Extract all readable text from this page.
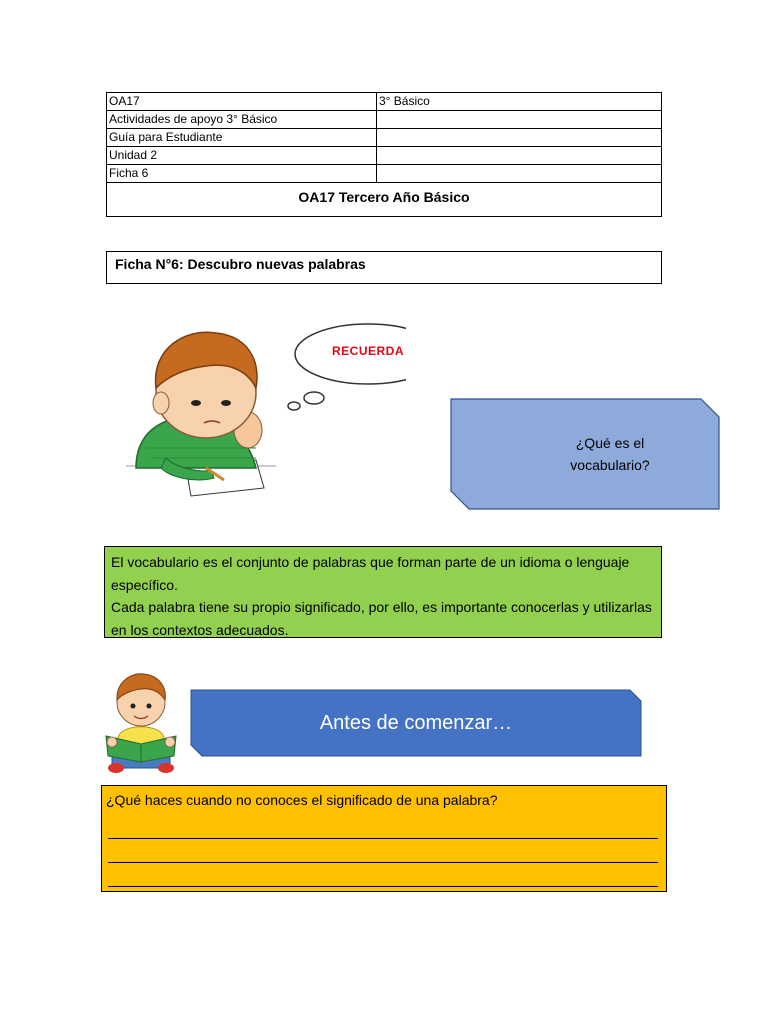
OA17	3° Básico
Actividades de apoyo 3° Básico	
Guía para Estudiante	
Unidad 2	
Ficha 6	
OA17 Tercero Año Básico	
Ficha N°6: Descubro nuevas palabras
RECUERDA
¿Qué es el
vocabulario?

El vocabulario es el conjunto de palabras que forman parte de un idioma o lenguaje específico.

Cada palabra tiene su propio significado, por ello, es importante conocerlas y utilizarlas en los contextos adecuados.

Antes de comenzar…

¿Qué haces cuando no conoces el significado de una palabra?
